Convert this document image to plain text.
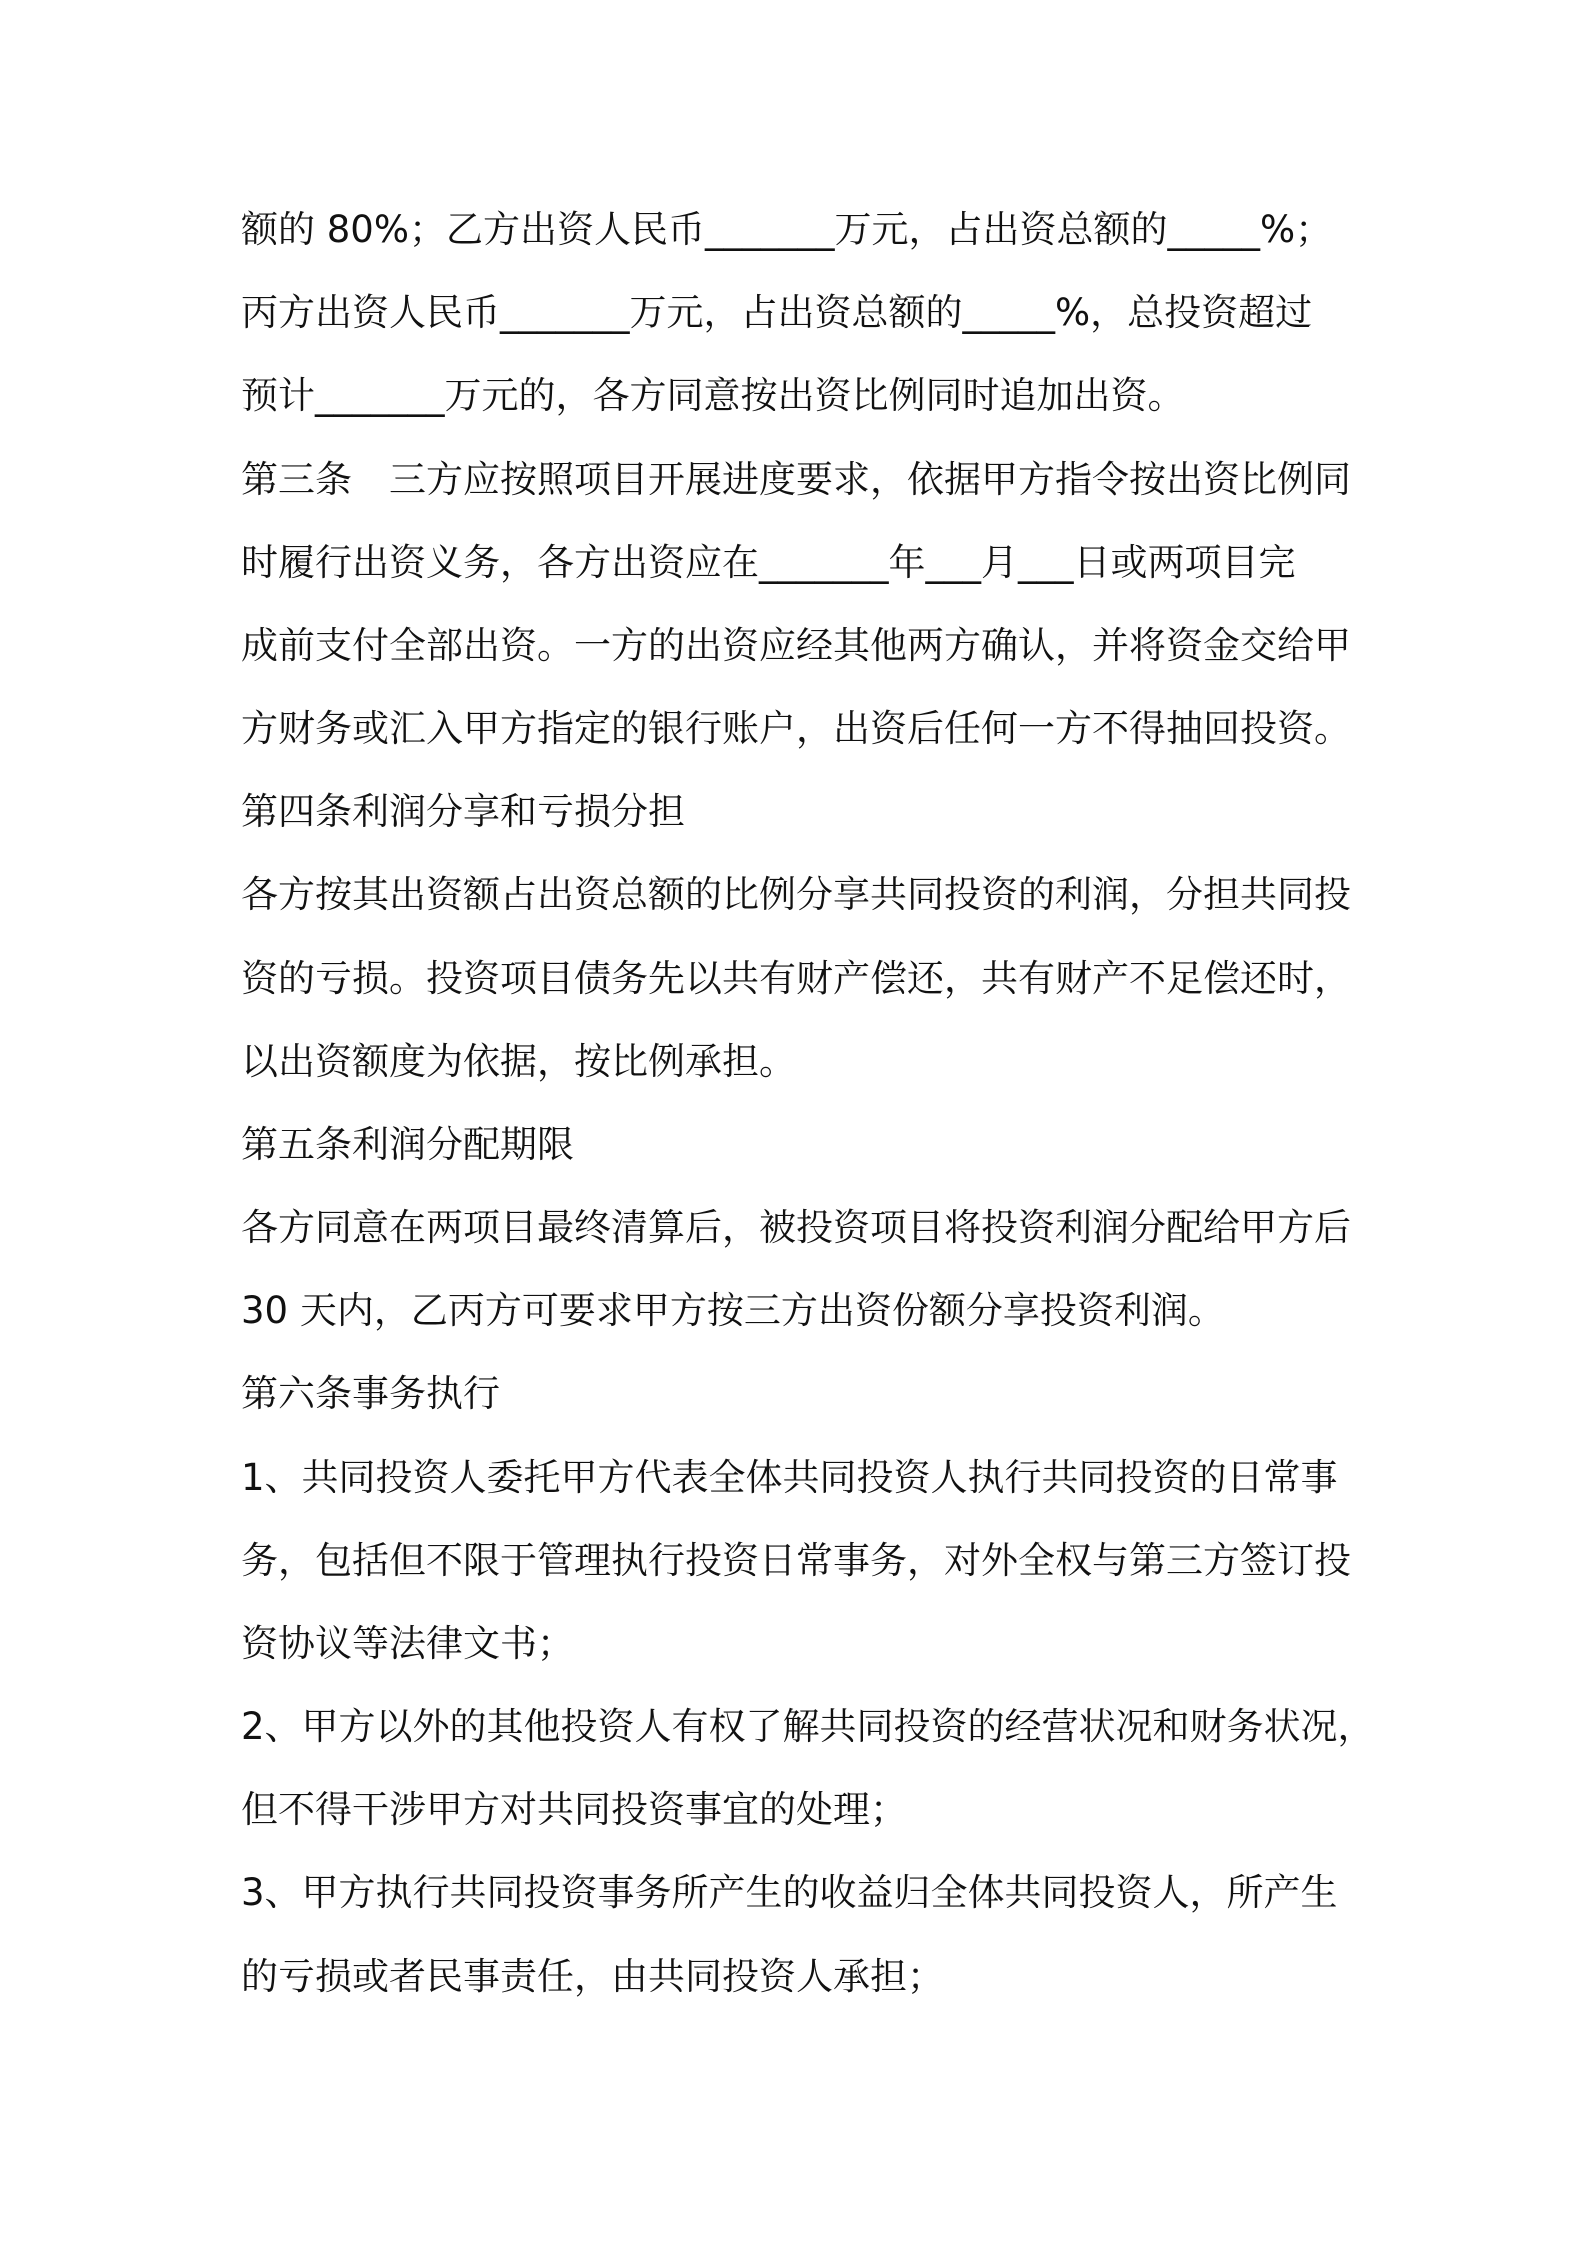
额的 80%；乙方出资人民币_______万元，占出资总额的_____%；
丙方出资人民币_______万元，占出资总额的_____%，总投资超过
预计_______万元的，各方同意按出资比例同时追加出资。
第三条　三方应按照项目开展进度要求，依据甲方指令按出资比例同
时履行出资义务，各方出资应在_______年___月___日或两项目完
成前支付全部出资。一方的出资应经其他两方确认，并将资金交给甲
方财务或汇入甲方指定的银行账户，出资后任何一方不得抽回投资。
第四条利润分享和亏损分担
各方按其出资额占出资总额的比例分享共同投资的利润，分担共同投
资的亏损。投资项目债务先以共有财产偿还，共有财产不足偿还时，
以出资额度为依据，按比例承担。
第五条利润分配期限
各方同意在两项目最终清算后，被投资项目将投资利润分配给甲方后
30 天内，乙丙方可要求甲方按三方出资份额分享投资利润。
第六条事务执行
1、共同投资人委托甲方代表全体共同投资人执行共同投资的日常事
务，包括但不限于管理执行投资日常事务，对外全权与第三方签订投
资协议等法律文书；
2、甲方以外的其他投资人有权了解共同投资的经营状况和财务状况，
但不得干涉甲方对共同投资事宜的处理；
3、甲方执行共同投资事务所产生的收益归全体共同投资人，所产生
的亏损或者民事责任，由共同投资人承担；
